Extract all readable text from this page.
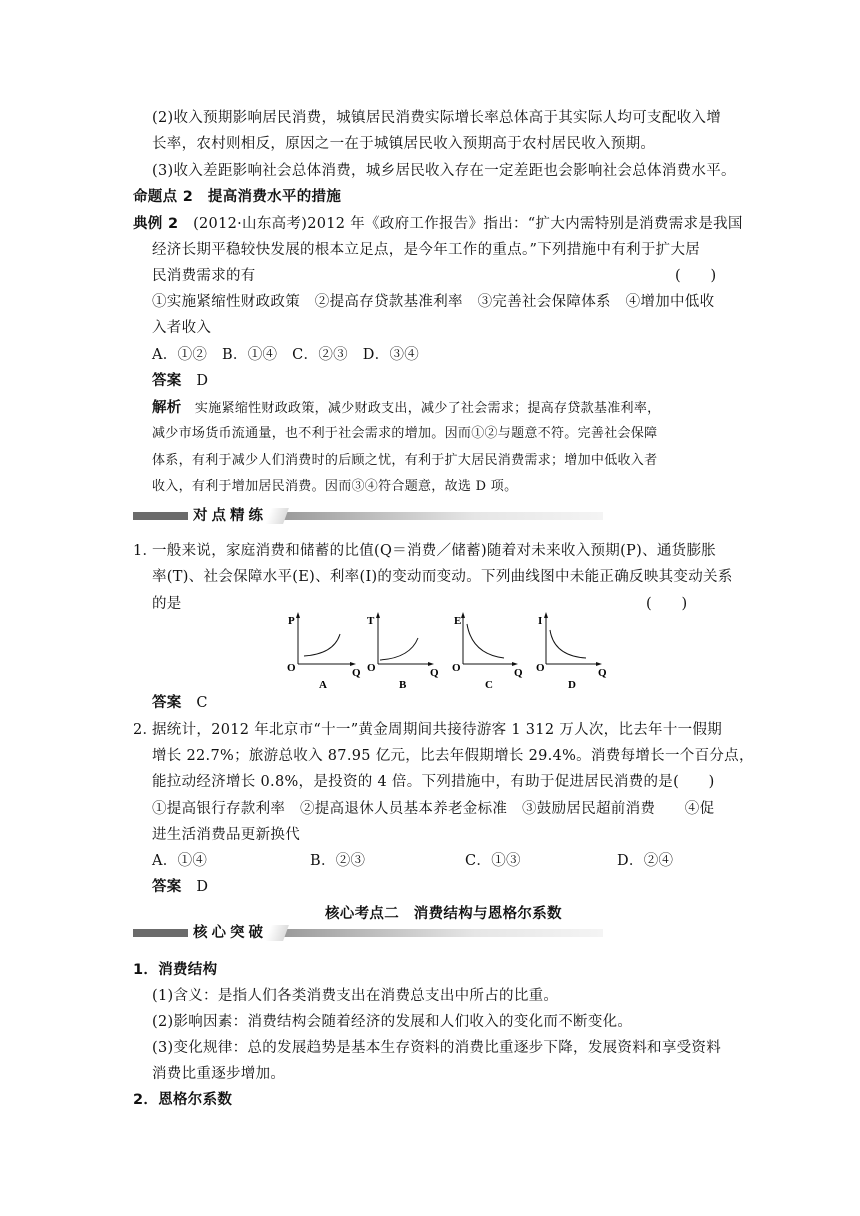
(2)收入预期影响居民消费，城镇居民消费实际增长率总体高于其实际人均可支配收入增
长率，农村则相反，原因之一在于城镇居民收入预期高于农村居民收入预期。
(3)收入差距影响社会总体消费，城乡居民收入存在一定差距也会影响社会总体消费水平。
命题点 2　提高消费水平的措施
典例 2 (2012·山东高考)2012 年《政府工作报告》指出：“扩大内需特别是消费需求是我国
经济长期平稳较快发展的根本立足点，是今年工作的重点。”下列措施中有利于扩大居
民消费需求的有	(　　)
①实施紧缩性财政政策　②提高存贷款基准利率　③完善社会保障体系　④增加中低收
入者收入
A．①②　B．①④　C．②③　D．③④
答案 D
解析 实施紧缩性财政政策，减少财政支出，减少了社会需求；提高存贷款基准利率，
减少市场货币流通量，也不利于社会需求的增加。因而①②与题意不符。完善社会保障
体系，有利于减少人们消费时的后顾之忧，有利于扩大居民消费需求；增加中低收入者
收入，有利于增加居民消费。因而③④符合题意，故选 D 项。
对点精练
1．
一般来说，家庭消费和储蓄的比值(Q＝消费／储蓄)随着对未来收入预期(P)、通货膨胀
率(T)、社会保障水平(E)、利率(I)的变动而变动。下列曲线图中未能正确反映其变动关系
的是	(　　)
P
O	Q
A
T
O	Q
B
E
O	Q
C
I
O	Q
D
答案 C
2．
据统计，2012 年北京市“十一”黄金周期间共接待游客 1 312 万人次，比去年十一假期
增长 22.7%；旅游总收入 87.95 亿元，比去年假期增长 29.4%。消费每增长一个百分点，
能拉动经济增长 0.8%，是投资的 4 倍。下列措施中，有助于促进居民消费的是(　　)
①提高银行存款利率　②提高退休人员基本养老金标准　③鼓励居民超前消费　　④促
进生活消费品更新换代
A．①④	B．②③	C．①③	D．②④
答案 D
核心考点二　消费结构与恩格尔系数
核心突破
1．消费结构
(1)含义：是指人们各类消费支出在消费总支出中所占的比重。
(2)影响因素：消费结构会随着经济的发展和人们收入的变化而不断变化。
(3)变化规律：总的发展趋势是基本生存资料的消费比重逐步下降，发展资料和享受资料
消费比重逐步增加。
2．恩格尔系数
